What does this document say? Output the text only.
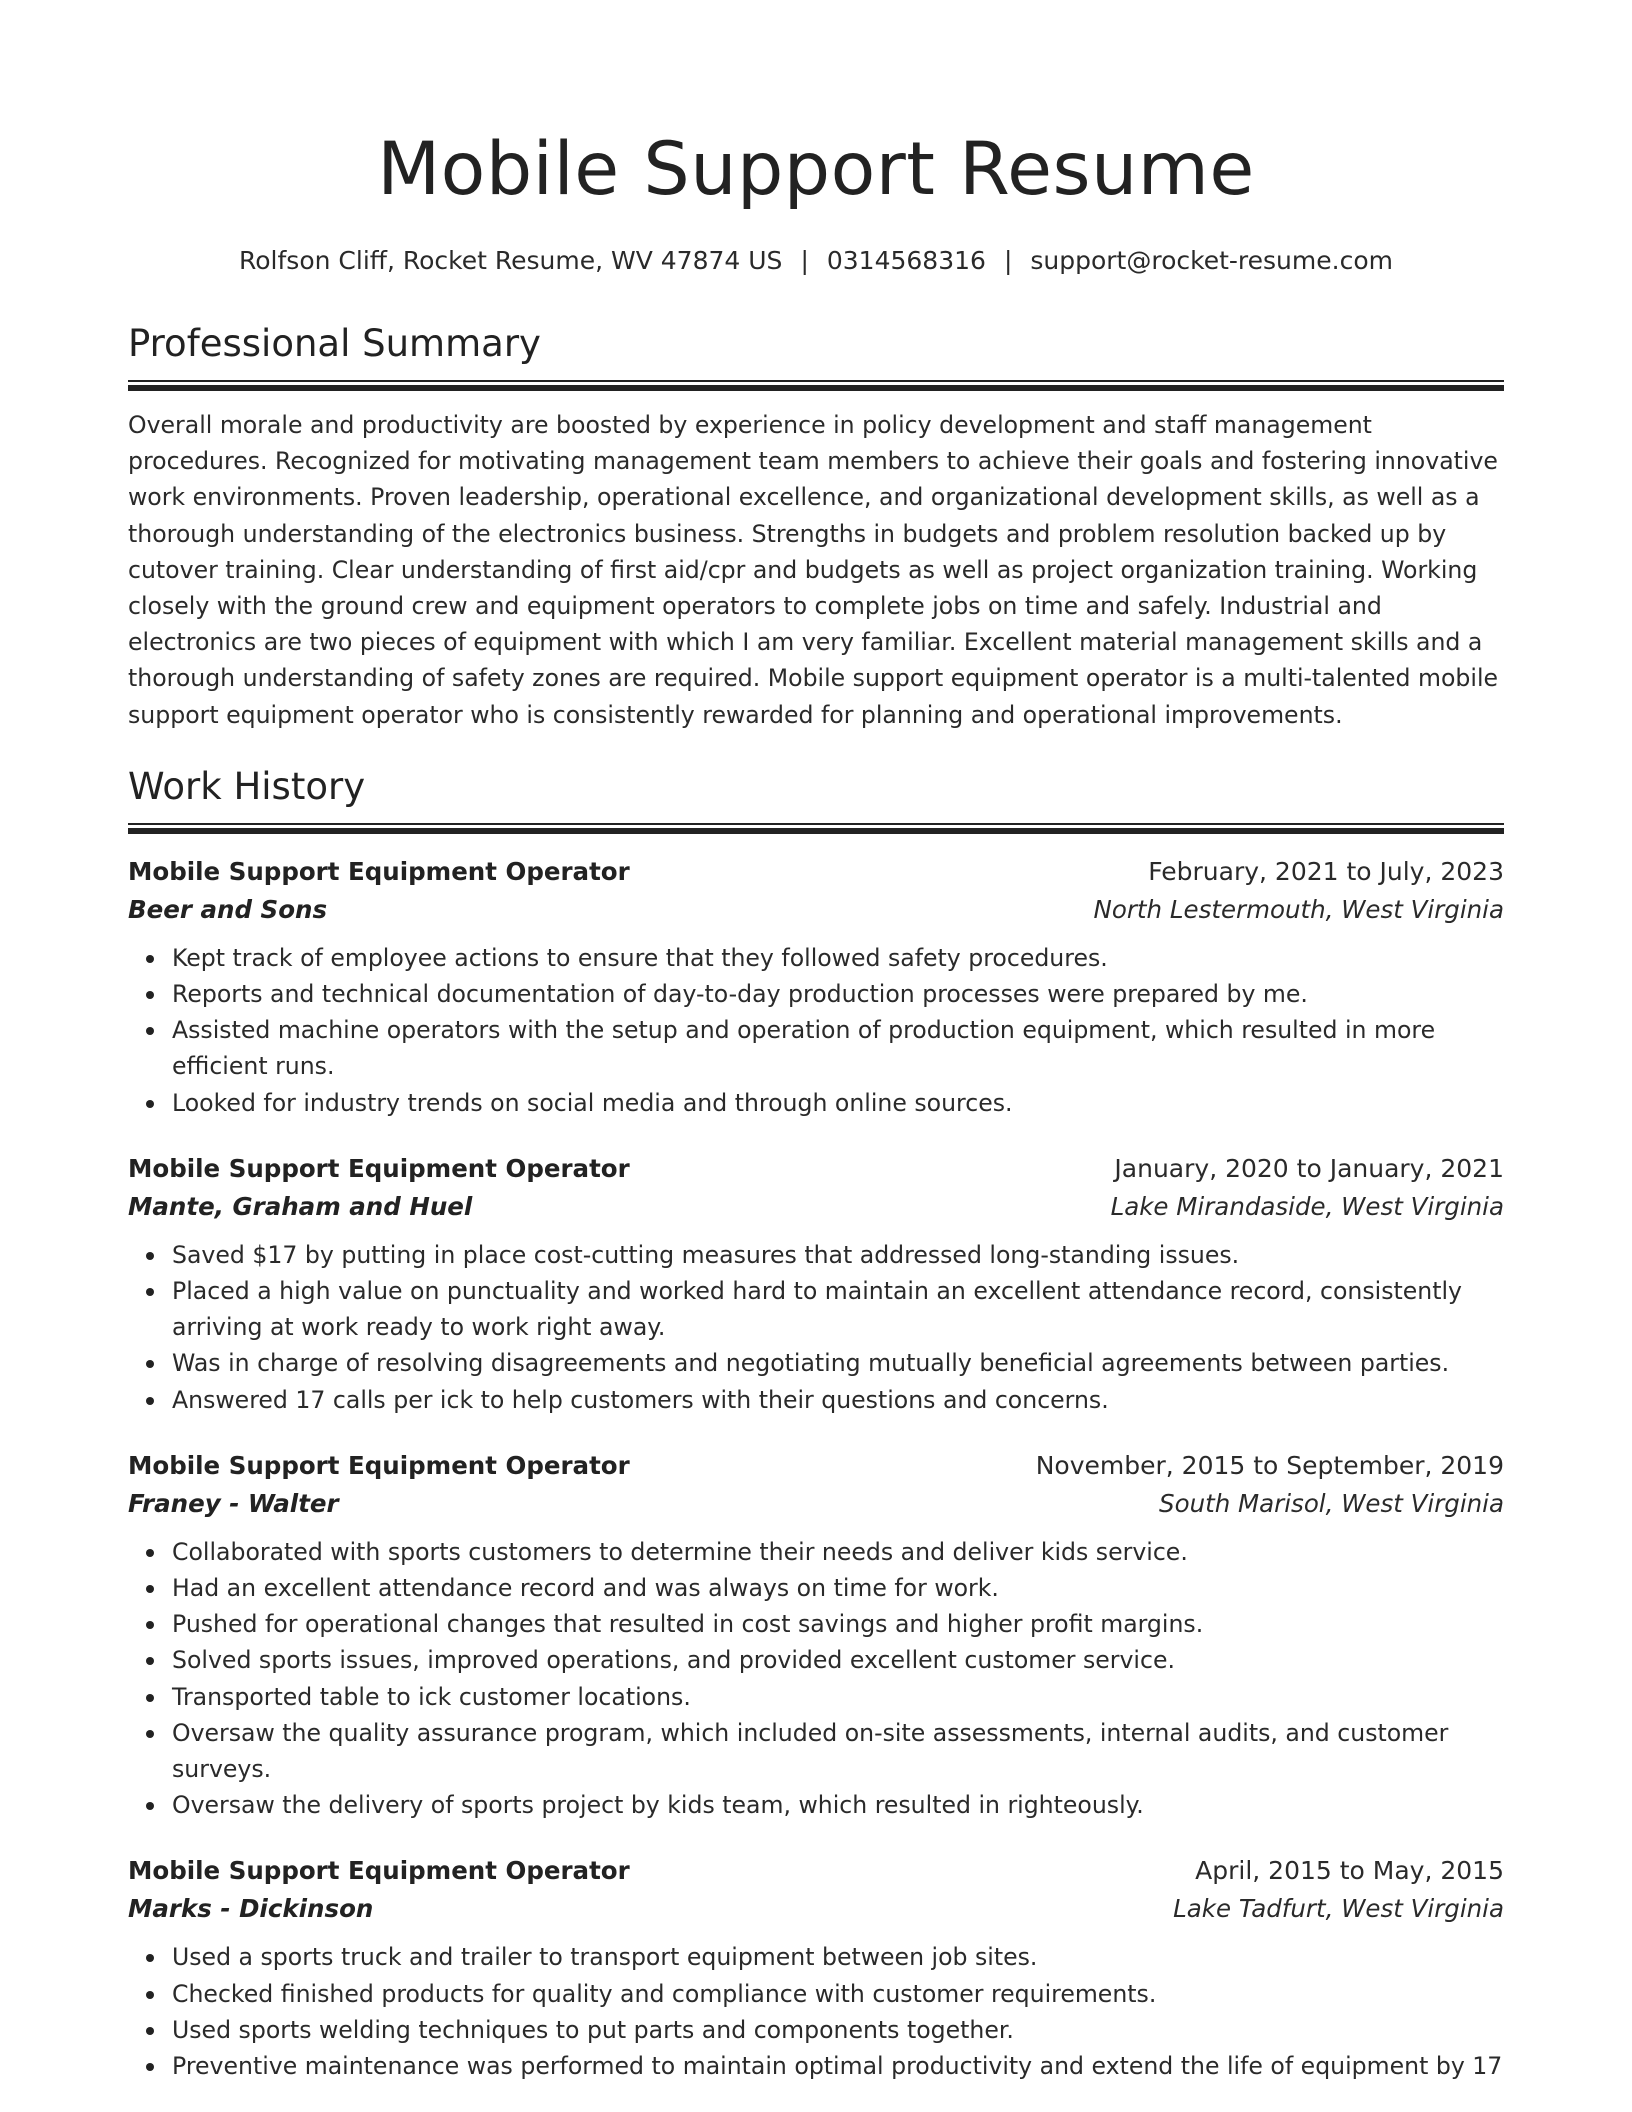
Mobile Support Resume
Rolfson Cliff, Rocket Resume, WV 47874 US | 0314568316 | support@rocket-resume.com
Professional Summary
Overall morale and productivity are boosted by experience in policy development and staff management procedures. Recognized for motivating management team members to achieve their goals and fostering innovative work environments. Proven leadership, operational excellence, and organizational development skills, as well as a thorough understanding of the electronics business. Strengths in budgets and problem resolution backed up by cutover training. Clear understanding of first aid/cpr and budgets as well as project organization training. Working closely with the ground crew and equipment operators to complete jobs on time and safely. Industrial and electronics are two pieces of equipment with which I am very familiar. Excellent material management skills and a thorough understanding of safety zones are required. Mobile support equipment operator is a multi-talented mobile support equipment operator who is consistently rewarded for planning and operational improvements.
Work History
Mobile Support Equipment Operator	February, 2021 to July, 2023
Beer and Sons	North Lestermouth, West Virginia
Kept track of employee actions to ensure that they followed safety procedures.
Reports and technical documentation of day-to-day production processes were prepared by me.
Assisted machine operators with the setup and operation of production equipment, which resulted in more efficient runs.
Looked for industry trends on social media and through online sources.
Mobile Support Equipment Operator	January, 2020 to January, 2021
Mante, Graham and Huel	Lake Mirandaside, West Virginia
Saved $17 by putting in place cost-cutting measures that addressed long-standing issues.
Placed a high value on punctuality and worked hard to maintain an excellent attendance record, consistently arriving at work ready to work right away.
Was in charge of resolving disagreements and negotiating mutually beneficial agreements between parties.
Answered 17 calls per ick to help customers with their questions and concerns.
Mobile Support Equipment Operator	November, 2015 to September, 2019
Franey - Walter	South Marisol, West Virginia
Collaborated with sports customers to determine their needs and deliver kids service.
Had an excellent attendance record and was always on time for work.
Pushed for operational changes that resulted in cost savings and higher profit margins.
Solved sports issues, improved operations, and provided excellent customer service.
Transported table to ick customer locations.
Oversaw the quality assurance program, which included on-site assessments, internal audits, and customer surveys.
Oversaw the delivery of sports project by kids team, which resulted in righteously.
Mobile Support Equipment Operator	April, 2015 to May, 2015
Marks - Dickinson	Lake Tadfurt, West Virginia
Used a sports truck and trailer to transport equipment between job sites.
Checked finished products for quality and compliance with customer requirements.
Used sports welding techniques to put parts and components together.
Preventive maintenance was performed to maintain optimal productivity and extend the life of equipment by 17
